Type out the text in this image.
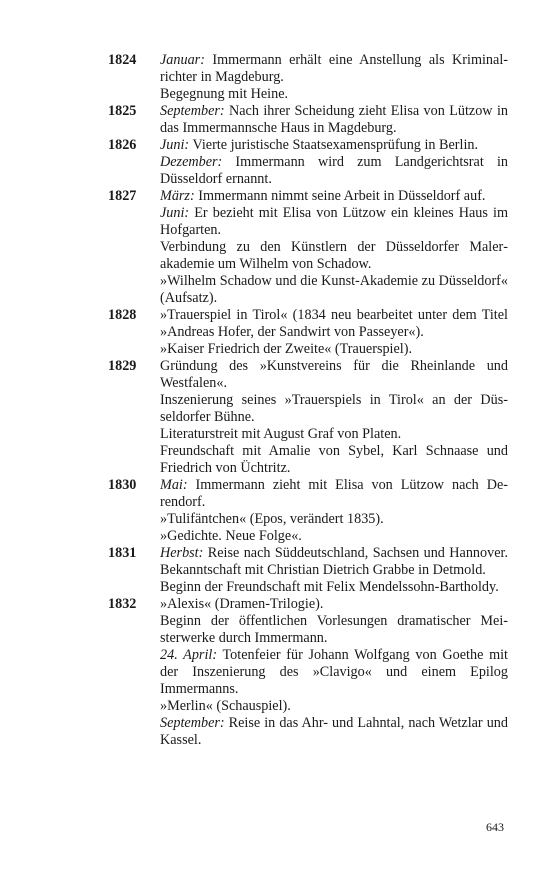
1824	Januar: Immermann erhält eine Anstellung als Kriminalrichter in Magdeburg.
Begegnung mit Heine.
1825	September: Nach ihrer Scheidung zieht Elisa von Lützow in das Immermannsche Haus in Magdeburg.
1826	Juni: Vierte juristische Staatsexamensprüfung in Berlin.
Dezember: Immermann wird zum Landgerichtsrat in Düsseldorf ernannt.
1827	März: Immermann nimmt seine Arbeit in Düsseldorf auf.
Juni: Er bezieht mit Elisa von Lützow ein kleines Haus im Hofgarten.
Verbindung zu den Künstlern der Düsseldorfer Malerakademie um Wilhelm von Schadow.
»Wilhelm Schadow und die Kunst-Akademie zu Düsseldorf« (Aufsatz).
1828	»Trauerspiel in Tirol« (1834 neu bearbeitet unter dem Titel »Andreas Hofer, der Sandwirt von Passeyer«).
»Kaiser Friedrich der Zweite« (Trauerspiel).
1829	Gründung des »Kunstvereins für die Rheinlande und Westfalen«.
Inszenierung seines »Trauerspiels in Tirol« an der Düsseldorfer Bühne.
Literaturstreit mit August Graf von Platen.
Freundschaft mit Amalie von Sybel, Karl Schnaase und Friedrich von Üchtritz.
1830	Mai: Immermann zieht mit Elisa von Lützow nach Derendorf.
»Tulifäntchen« (Epos, verändert 1835).
»Gedichte. Neue Folge«.
1831	Herbst: Reise nach Süddeutschland, Sachsen und Hannover. Bekanntschaft mit Christian Dietrich Grabbe in Detmold.
Beginn der Freundschaft mit Felix Mendelssohn-Bartholdy.
1832	»Alexis« (Dramen-Trilogie).
Beginn der öffentlichen Vorlesungen dramatischer Meisterwerke durch Immermann.
24. April: Totenfeier für Johann Wolfgang von Goethe mit der Inszenierung des »Clavigo« und einem Epilog Immermanns.
»Merlin« (Schauspiel).
September: Reise in das Ahr- und Lahntal, nach Wetzlar und Kassel.
643
